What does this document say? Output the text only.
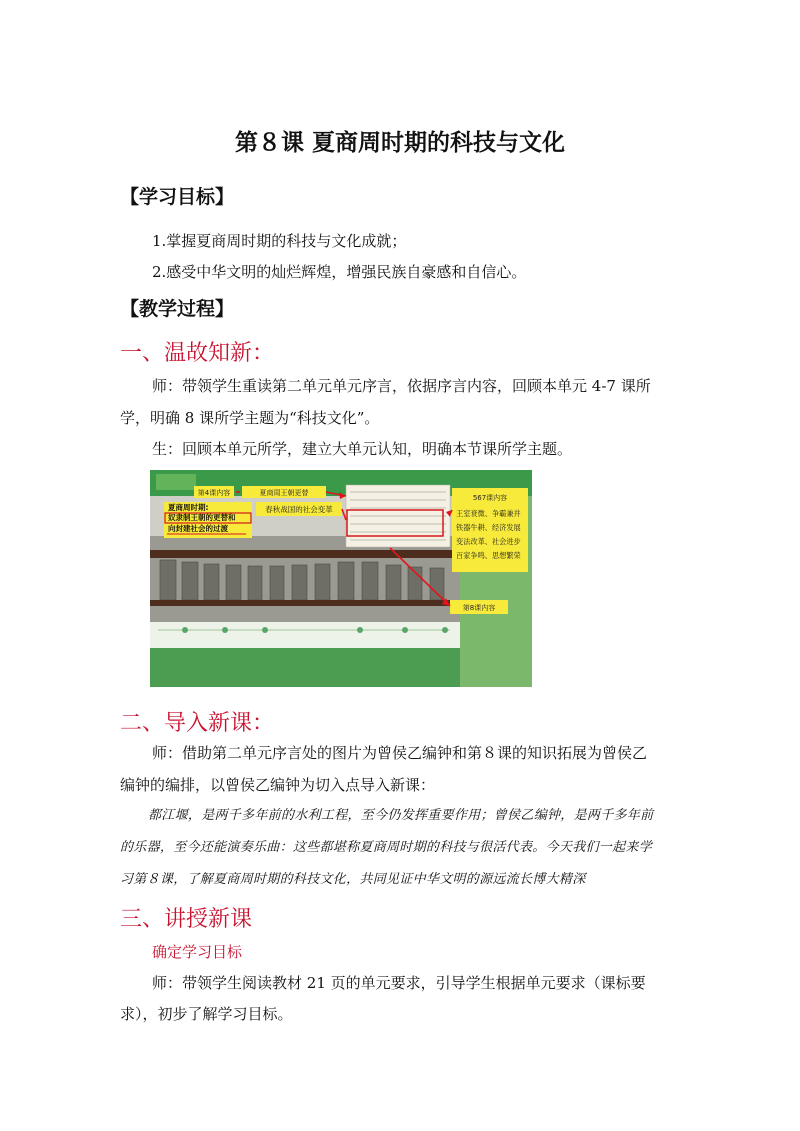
第８课 夏商周时期的科技与文化
【学习目标】
1.掌握夏商周时期的科技与文化成就；
2.感受中华文明的灿烂辉煌，增强民族自豪感和自信心。
【教学过程】
一、温故知新：
师：带领学生重读第二单元单元序言，依据序言内容，回顾本单元 4-7 课所
学，明确 8 课所学主题为“科技文化”。
生：回顾本单元所学，建立大单元认知，明确本节课所学主题。
第4课内容	夏商周王朝更替
夏商周时期:
奴隶制王朝的更替和
向封建社会的过渡
春秋战国的社会变革
567课内容
王室衰微、争霸兼并
铁器牛耕、经济发展
变法改革、社会进步
百家争鸣、思想繁荣
第8课内容
二、导入新课：
师：借助第二单元序言处的图片为曾侯乙编钟和第８课的知识拓展为曾侯乙
编钟的编排，以曾侯乙编钟为切入点导入新课：
都江堰，是两千多年前的水利工程，至今仍发挥重要作用；曾侯乙编钟，是两千多年前
的乐器，至今还能演奏乐曲：这些都堪称夏商周时期的科技与很活代表。今天我们一起来学
习第８课，了解夏商周时期的科技文化，共同见证中华文明的源远流长博大精深
三、讲授新课
确定学习目标
师：带领学生阅读教材 21 页的单元要求，引导学生根据单元要求（课标要
求），初步了解学习目标。
